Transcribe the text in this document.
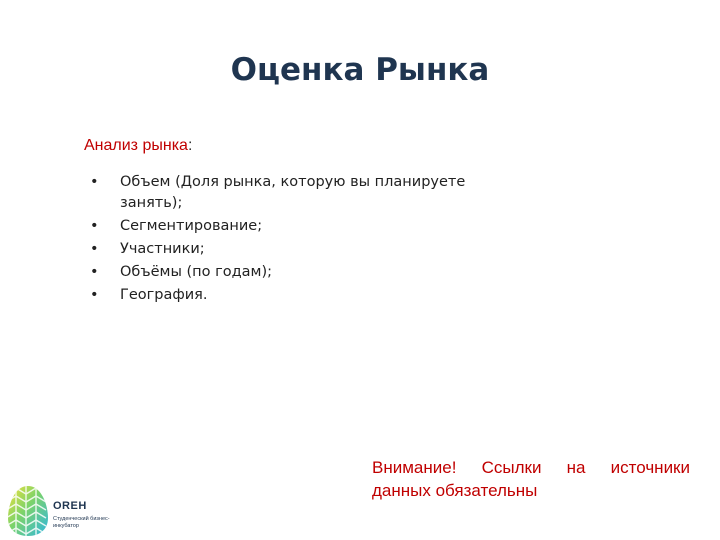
Оценка Рынка
Анализ рынка:
• Объем (Доля рынка, которую вы планируете занять);
• Сегментирование;
• Участники;
• Объёмы (по годам);
• География.
Внимание! Ссылки на источники данных обязательны
OREH
Студенческий бизнес-инкубатор
